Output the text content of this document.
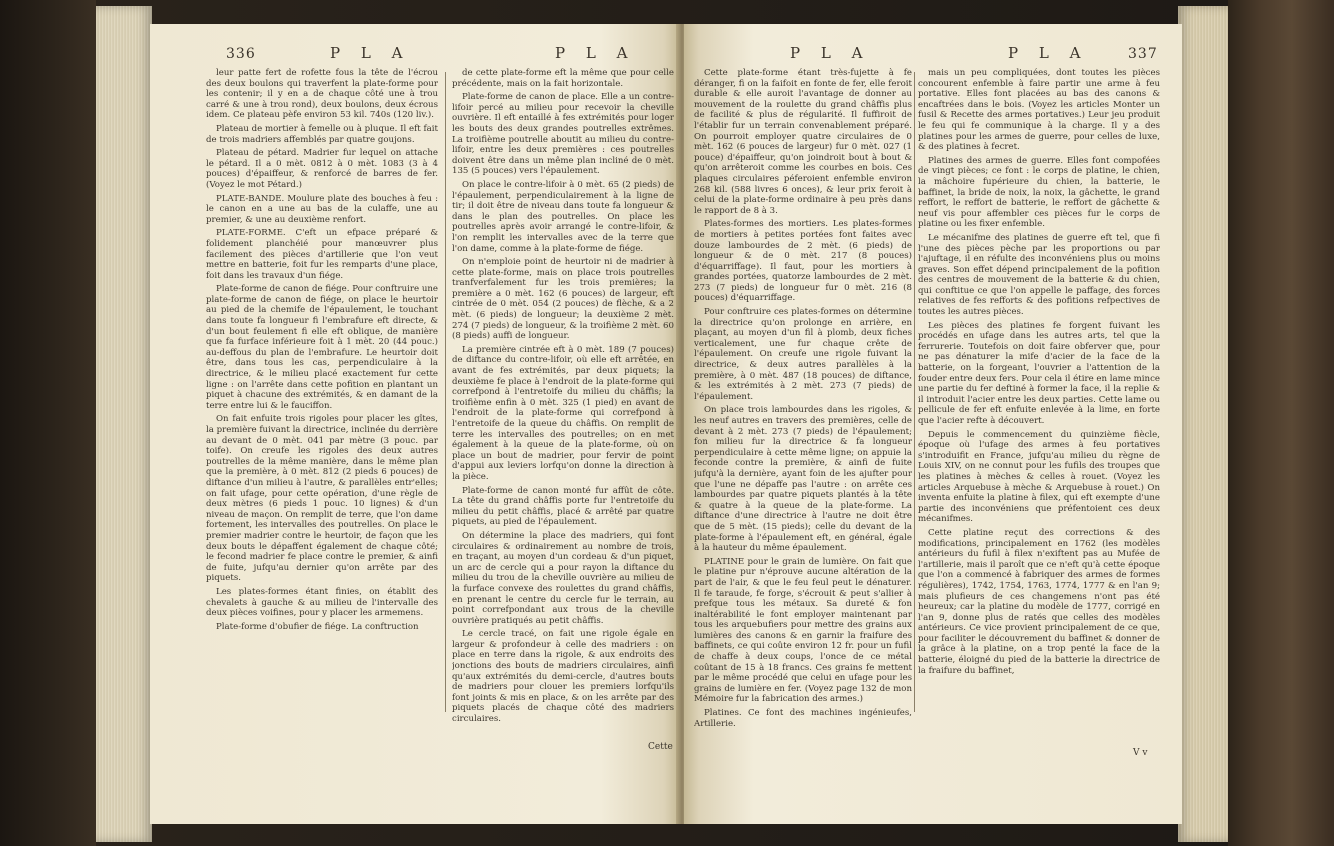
336	P L A	P L A

leur patte fert de rofette fous la tête de l'écrou des deux boulons qui traverfent la plate-forme pour les contenir; il y en a de chaque côté une à trou carré & une à trou rond), deux boulons, deux écrous idem. Ce plateau pèfe environ 53 kil. 740s (120 liv.).

Plateau de mortier à femelle ou à pluque. Il eft fait de trois madriers affemblés par quatre goujons.

Plateau de pétard. Madrier fur lequel on attache le pétard. Il a 0 mèt. 0812 à 0 mèt. 1083 (3 à 4 pouces) d'épaiffeur, & renforcé de barres de fer. (Voyez le mot Pétard.)

PLATE-BANDE. Moulure plate des bouches à feu : le canon en a une au bas de la culaffe, une au premier, & une au deuxième renfort.

PLATE-FORME. C'eft un efpace préparé & folidement planchéié pour manœuvrer plus facilement des pièces d'artillerie que l'on veut mettre en batterie, foit fur les remparts d'une place, foit dans les travaux d'un fiége.

Plate-forme de canon de fiége. Pour conftruire une plate-forme de canon de fiége, on place le heurtoir au pied de la chemife de l'épaulement, le touchant dans toute fa longueur fi l'embrafure eft directe, & d'un bout feulement fi elle eft oblique, de manière que fa furface inférieure foit à 1 mèt. 20 (44 pouc.) au-deffous du plan de l'embrafure. Le heurtoir doit être, dans tous les cas, perpendiculaire à la directrice, & le milieu placé exactement fur cette ligne : on l'arrête dans cette pofition en plantant un piquet à chacune des extrémités, & en damant de la terre entre lui & le fauciffon.

On fait enfuite trois rigoles pour placer les gîtes, la première fuivant la directrice, inclinée du derrière au devant de 0 mèt. 041 par mètre (3 pouc. par toife). On creufe les rigoles des deux autres poutrelles de la même manière, dans le même plan que la première, à 0 mèt. 812 (2 pieds 6 pouces) de diftance d'un milieu à l'autre, & parallèles entr'elles; on fait ufage, pour cette opération, d'une règle de deux mètres (6 pieds 1 pouc. 10 lignes) & d'un niveau de maçon. On remplit de terre, que l'on dame fortement, les intervalles des poutrelles. On place le premier madrier contre le heurtoir, de façon que les deux bouts le dépaffent également de chaque côté; le fecond madrier fe place contre le premier, & ainfi de fuite, jufqu'au dernier qu'on arrête par des piquets.

Les plates-formes étant finies, on établit des chevalets à gauche & au milieu de l'intervalle des deux pièces voifines, pour y placer les armemens.

Plate-forme d'obufier de fiége. La conftruction

de cette plate-forme eft la même que pour celle précédente, mais on la fait horizontale.

Plate-forme de canon de place. Elle a un contre-lifoir percé au milieu pour recevoir la cheville ouvrière. Il eft entaillé à fes extrémités pour loger les bouts des deux grandes poutrelles extrêmes. La troifième poutrelle aboutit au milieu du contre-lifoir, entre les deux premières : ces poutrelles doivent être dans un même plan incliné de 0 mèt. 135 (5 pouces) vers l'épaulement.

On place le contre-lifoir à 0 mèt. 65 (2 pieds) de l'épaulement, perpendiculairement à la ligne de tir; il doit être de niveau dans toute fa longueur & dans le plan des poutrelles. On place les poutrelles après avoir arrangé le contre-lifoir, & l'on remplit les intervalles avec de la terre que l'on dame, comme à la plate-forme de fiége.

On n'emploie point de heurtoir ni de madrier à cette plate-forme, mais on place trois poutrelles tranfverfalement fur les trois premières; la première a 0 mèt. 162 (6 pouces) de largeur, eft cintrée de 0 mèt. 054 (2 pouces) de flèche, & a 2 mèt. (6 pieds) de longueur; la deuxième 2 mèt. 274 (7 pieds) de longueur, & la troifième 2 mèt. 60 (8 pieds) auffi de longueur.

La première cintrée eft à 0 mèt. 189 (7 pouces) de diftance du contre-lifoir, où elle eft arrêtée, en avant de fes extrémités, par deux piquets; la deuxième fe place à l'endroit de la plate-forme qui correfpond à l'entretoife du milieu du châffis; la troifième enfin à 0 mèt. 325 (1 pied) en avant de l'endroit de la plate-forme qui correfpond à l'entretoife de la queue du châffis. On remplit de terre les intervalles des poutrelles; on en met également à la queue de la plate-forme, où on place un bout de madrier, pour fervir de point d'appui aux leviers lorfqu'on donne la direction à la pièce.

Plate-forme de canon monté fur affût de côte. La tête du grand châffis porte fur l'entretoife du milieu du petit châffis, placé & arrêté par quatre piquets, au pied de l'épaulement.

On détermine la place des madriers, qui font circulaires & ordinairement au nombre de trois, en traçant, au moyen d'un cordeau & d'un piquet, un arc de cercle qui a pour rayon la diftance du milieu du trou de la cheville ouvrière au milieu de la furface convexe des roulettes du grand châffis, en prenant le centre du cercle fur le terrain, au point correfpondant aux trous de la cheville ouvrière pratiqués au petit châffis.

Le cercle tracé, on fait une rigole égale en largeur & profondeur à celle des madriers : on place en terre dans la rigole, & aux endroits des jonctions des bouts de madriers circulaires, ainfi qu'aux extrémités du demi-cercle, d'autres bouts de madriers pour clouer les premiers lorfqu'ils font joints & mis en place, & on les arrête par des piquets placés de chaque côté des madriers circulaires.

Cette
P L A	P L A	337

Cette plate-forme étant très-fujette à fe déranger, fi on la faifoit en fonte de fer, elle feroit durable & elle auroit l'avantage de donner au mouvement de la roulette du grand châffis plus de facilité & plus de régularité. Il fuffiroit de l'établir fur un terrain convenablement préparé. On pourroit employer quatre circulaires de 0 mèt. 162 (6 pouces de largeur) fur 0 mèt. 027 (1 pouce) d'épaiffeur, qu'on joindroit bout à bout & qu'on arrêteroit comme les courbes en bois. Ces plaques circulaires péferoient enfemble environ 268 kil. (588 livres 6 onces), & leur prix feroit à celui de la plate-forme ordinaire à peu près dans le rapport de 8 à 3.

Plates-formes des mortiers. Les plates-formes de mortiers à petites portées font faites avec douze lambourdes de 2 mèt. (6 pieds) de longueur & de 0 mèt. 217 (8 pouces) d'équarriffage). Il faut, pour les mortiers à grandes portées, quatorze lambourdes de 2 mèt. 273 (7 pieds) de longueur fur 0 mèt. 216 (8 pouces) d'équarriffage.

Pour conftruire ces plates-formes on détermine la directrice qu'on prolonge en arrière, en plaçant, au moyen d'un fil à plomb, deux fiches verticalement, une fur chaque crête de l'épaulement. On creufe une rigole fuivant la directrice, & deux autres parallèles à la première, à 0 mèt. 487 (18 pouces) de diftance, & les extrémités à 2 mèt. 273 (7 pieds) de l'épaulement.

On place trois lambourdes dans les rigoles, & les neuf autres en travers des premières, celle de devant à 2 mèt. 273 (7 pieds) de l'épaulement; fon milieu fur la directrice & fa longueur perpendiculaire à cette même ligne; on appuie la feconde contre la première, & ainfi de fuite jufqu'à la dernière, ayant foin de les ajufter pour que l'une ne dépaffe pas l'autre : on arrête ces lambourdes par quatre piquets plantés à la tête & quatre à la queue de la plate-forme. La diftance d'une directrice à l'autre ne doit être que de 5 mèt. (15 pieds); celle du devant de la plate-forme à l'épaulement eft, en général, égale à la hauteur du même épaulement.

PLATINE pour le grain de lumière. On fait que le platine pur n'éprouve aucune altération de la part de l'air, & que le feu feul peut le dénaturer. Il fe taraude, fe forge, s'écrouit & peut s'allier à prefque tous les métaux. Sa dureté & fon inaltérabilité le font employer maintenant par tous les arquebufiers pour mettre des grains aux lumières des canons & en garnir la fraifure des baffinets, ce qui coûte environ 12 fr. pour un fufil de chaffe à deux coups, l'once de ce métal coûtant de 15 à 18 francs. Ces grains fe mettent par le même procédé que celui en ufage pour les grains de lumière en fer. (Voyez page 132 de mon Mémoire fur la fabrication des armes.)

Platines. Ce font des machines ingénieufes, Artillerie.

mais un peu compliquées, dont toutes les pièces concourent enfemble à faire partir une arme à feu portative. Elles font placées au bas des canons & encaftrées dans le bois. (Voyez les articles Monter un fusil & Recette des armes portatives.) Leur jeu produit le feu qui fe communique à la charge. Il y a des platines pour les armes de guerre, pour celles de luxe, & des platines à fecret.

Platines des armes de guerre. Elles font compofées de vingt pièces; ce font : le corps de platine, le chien, la mâchoire fupérieure du chien, la batterie, le baffinet, la bride de noix, la noix, la gâchette, le grand reffort, le reffort de batterie, le reffort de gâchette & neuf vis pour affembler ces pièces fur le corps de platine ou les fixer enfemble.

Le mécanifme des platines de guerre eft tel, que fi l'une des pièces pèche par les proportions ou par l'ajuftage, il en réfulte des inconvéniens plus ou moins graves. Son effet dépend principalement de la pofition des centres de mouvement de la batterie & du chien, qui conftitue ce que l'on appelle le paffage, des forces relatives de fes refforts & des pofitions refpectives de toutes les autres pièces.

Les pièces des platines fe forgent fuivant les procédés en ufage dans les autres arts, tel que la ferrurerie. Toutefois on doit faire obferver que, pour ne pas dénaturer la mife d'acier de la face de la batterie, on la forgeant, l'ouvrier a l'attention de la fouder entre deux fers. Pour cela il étire en lame mince une partie du fer deftiné à former la face, il la replie & il introduit l'acier entre les deux parties. Cette lame ou pellicule de fer eft enfuite enlevée à la lime, en forte que l'acier refte à découvert.

Depuis le commencement du quinzième fiècle, époque où l'ufage des armes à feu portatives s'introduifit en France, jufqu'au milieu du règne de Louis XIV, on ne connut pour les fufils des troupes que les platines à mèches & celles à rouet. (Voyez les articles Arquebuse à mèche & Arquebuse à rouet.) On inventa enfuite la platine à filex, qui eft exempte d'une partie des inconvéniens que préfentoient ces deux mécanifmes.

Cette platine reçut des corrections & des modifications, principalement en 1762 (les modèles antérieurs du fufil à filex n'exiftent pas au Mufée de l'artillerie, mais il paroît que ce n'eft qu'à cette époque que l'on a commencé à fabriquer des armes de formes régulières), 1742, 1754, 1763, 1774, 1777 & en l'an 9; mais plufieurs de ces changemens n'ont pas été heureux; car la platine du modèle de 1777, corrigé en l'an 9, donne plus de ratés que celles des modèles antérieurs. Ce vice provient principalement de ce que, pour faciliter le découvrement du baffinet & donner de la grâce à la platine, on a trop penté la face de la batterie, éloigné du pied de la batterie la directrice de la fraifure du baffinet,

V v
